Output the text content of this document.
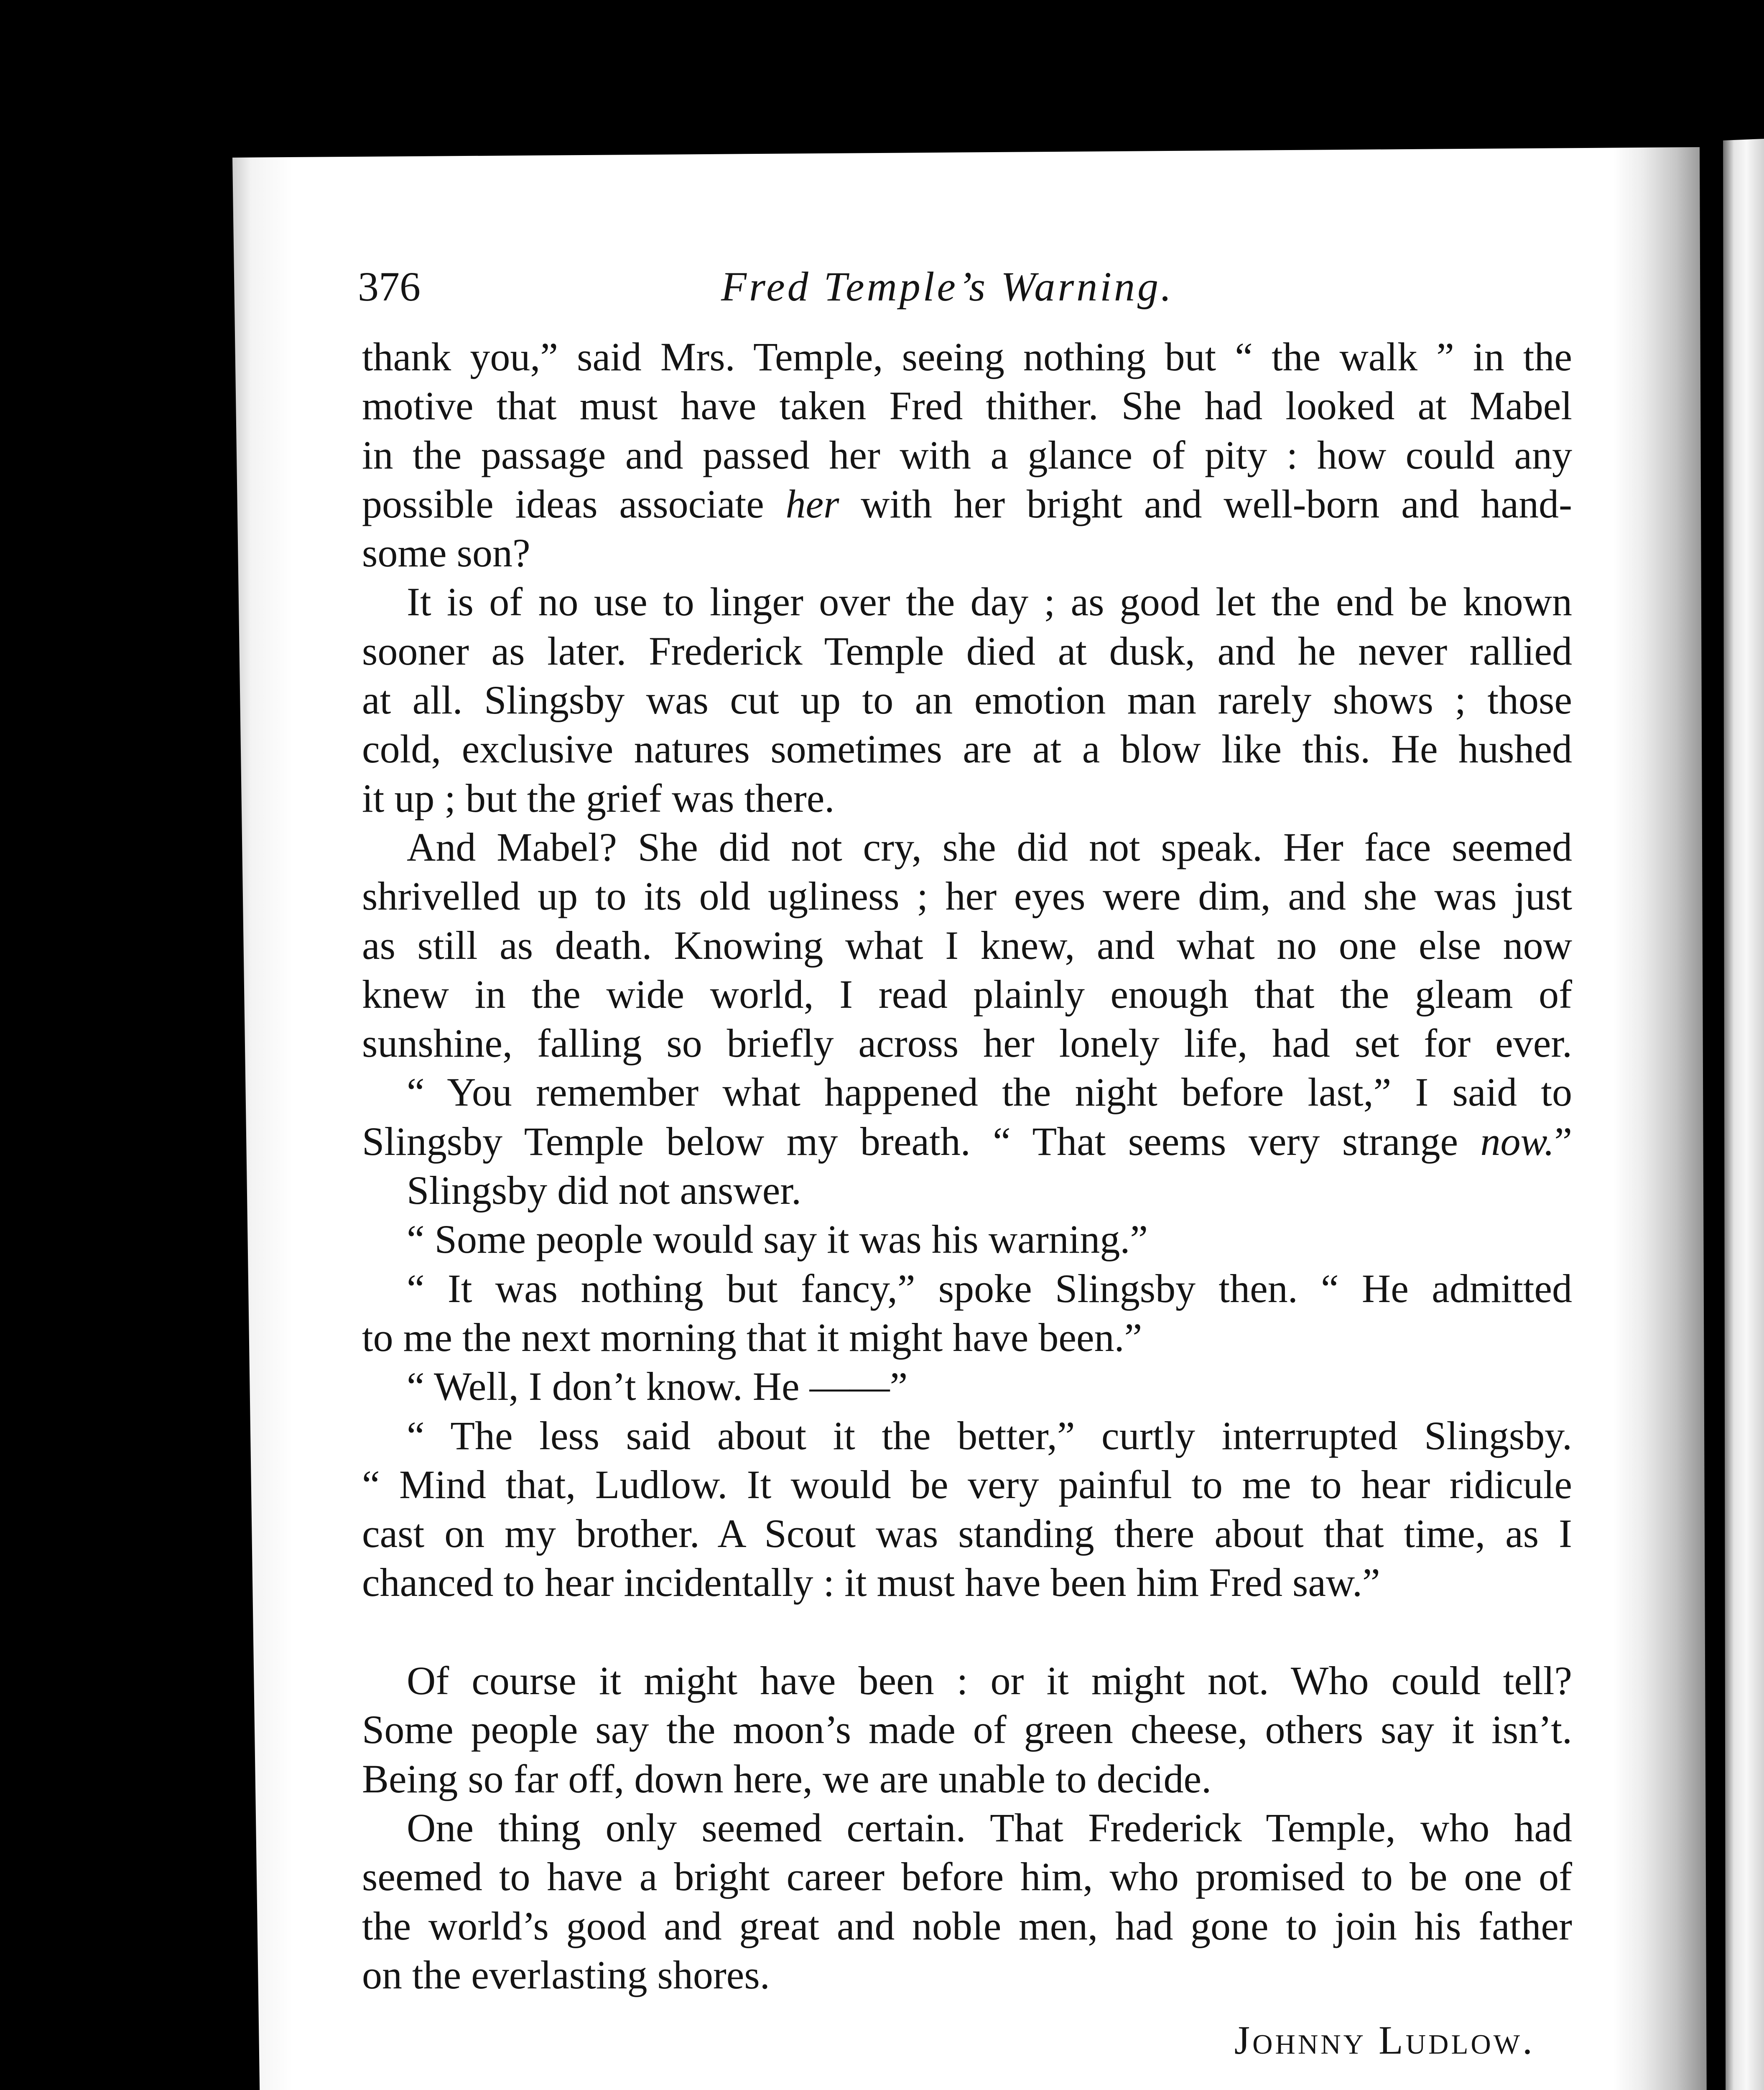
376	Fred Temple’s Warning.
thank you,” said Mrs. Temple, seeing nothing but “ the walk ” in the
motive that must have taken Fred thither. She had looked at Mabel
in the passage and passed her with a glance of pity : how could any
possible ideas associate her with her bright and well-born and hand-
some son?
It is of no use to linger over the day ; as good let the end be known
sooner as later. Frederick Temple died at dusk, and he never rallied
at all. Slingsby was cut up to an emotion man rarely shows ; those
cold, exclusive natures sometimes are at a blow like this. He hushed
it up ; but the grief was there.
And Mabel? She did not cry, she did not speak. Her face seemed
shrivelled up to its old ugliness ; her eyes were dim, and she was just
as still as death. Knowing what I knew, and what no one else now
knew in the wide world, I read plainly enough that the gleam of
sunshine, falling so briefly across her lonely life, had set for ever.
“ You remember what happened the night before last,” I said to
Slingsby Temple below my breath. “ That seems very strange now.”
Slingsby did not answer.
“ Some people would say it was his warning.”
“ It was nothing but fancy,” spoke Slingsby then. “ He admitted
to me the next morning that it might have been.”
“ Well, I don’t know. He ——”
“ The less said about it the better,” curtly interrupted Slingsby.
“ Mind that, Ludlow. It would be very painful to me to hear ridicule
cast on my brother. A Scout was standing there about that time, as I
chanced to hear incidentally : it must have been him Fred saw.”
Of course it might have been : or it might not. Who could tell?
Some people say the moon’s made of green cheese, others say it isn’t.
Being so far off, down here, we are unable to decide.
One thing only seemed certain. That Frederick Temple, who had
seemed to have a bright career before him, who promised to be one of
the world’s good and great and noble men, had gone to join his father
on the everlasting shores.
Johnny Ludlow.
